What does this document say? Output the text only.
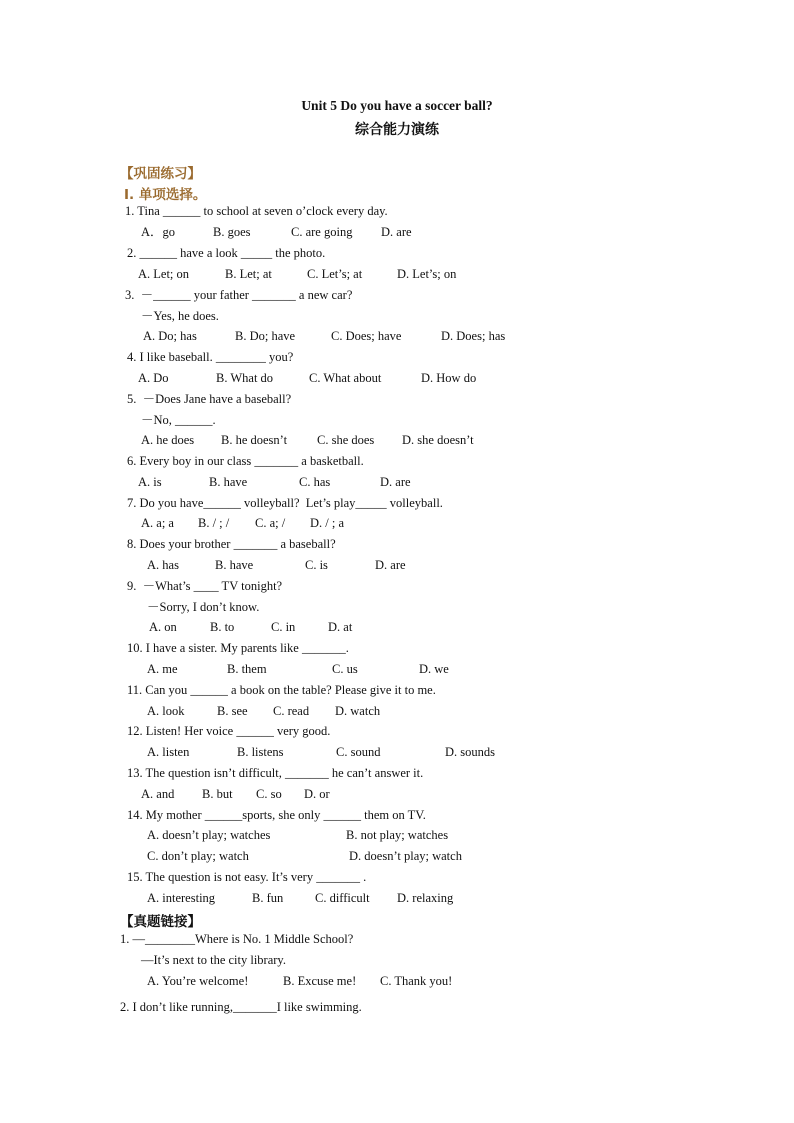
Unit 5 Do you have a soccer ball?
综合能力演练
【巩固练习】
Ⅰ. 单项选择。
1. Tina ______ to school at seven o’clock every day.
A．go	B. goes	C. are going D. are
2. ______ have a look _____ the photo.
A. Let; on	B. Let; at	C. Let’s; at	D. Let’s; on
3.  －______ your father _______ a new car?
－Yes, he does.
A. Do; has	B. Do; have	C. Does; have	D. Does; has
4. I like baseball. ________ you?
A. Do	B. What do	C. What about	D. How do
5.  －Does Jane have a baseball?
－No, ______.
A. he does B. he doesn’t C. she does D. she doesn’t
6. Every boy in our class _______ a basketball.
A. is	B. have	C. has	D. are
7. Do you have______ volleyball?  Let’s play_____ volleyball.
A. a; a B. / ; / C. a; / D. / ; a
8. Does your brother _______ a baseball?
A. has	B. have	C. is	D. are
9.  －What’s ____ TV tonight?
－Sorry, I don’t know.
A. on	B. to	C. in	D. at
10. I have a sister. My parents like _______.
A. me	B. them	C. us	D. we
11. Can you ______ a book on the table? Please give it to me.
A. look	B. see C. read D. watch
12. Listen! Her voice ______ very good.
A. listen	B. listens	C. sound	D. sounds
13. The question isn’t difficult, _______ he can’t answer it.
A. and B. but C. so D. or
14. My mother ______sports, she only ______ them on TV.
A. doesn’t play; watches	B. not play; watches
C. don’t play; watch	D. doesn’t play; watch
15. The question is not easy. It’s very _______ .
A. interesting	B. fun	C. difficult D. relaxing
【真题链接】
1. —________Where is No. 1 Middle School?
—It’s next to the city library.
A. You’re welcome!	B. Excuse me! C. Thank you!
2. I don’t like running,_______I like swimming.
